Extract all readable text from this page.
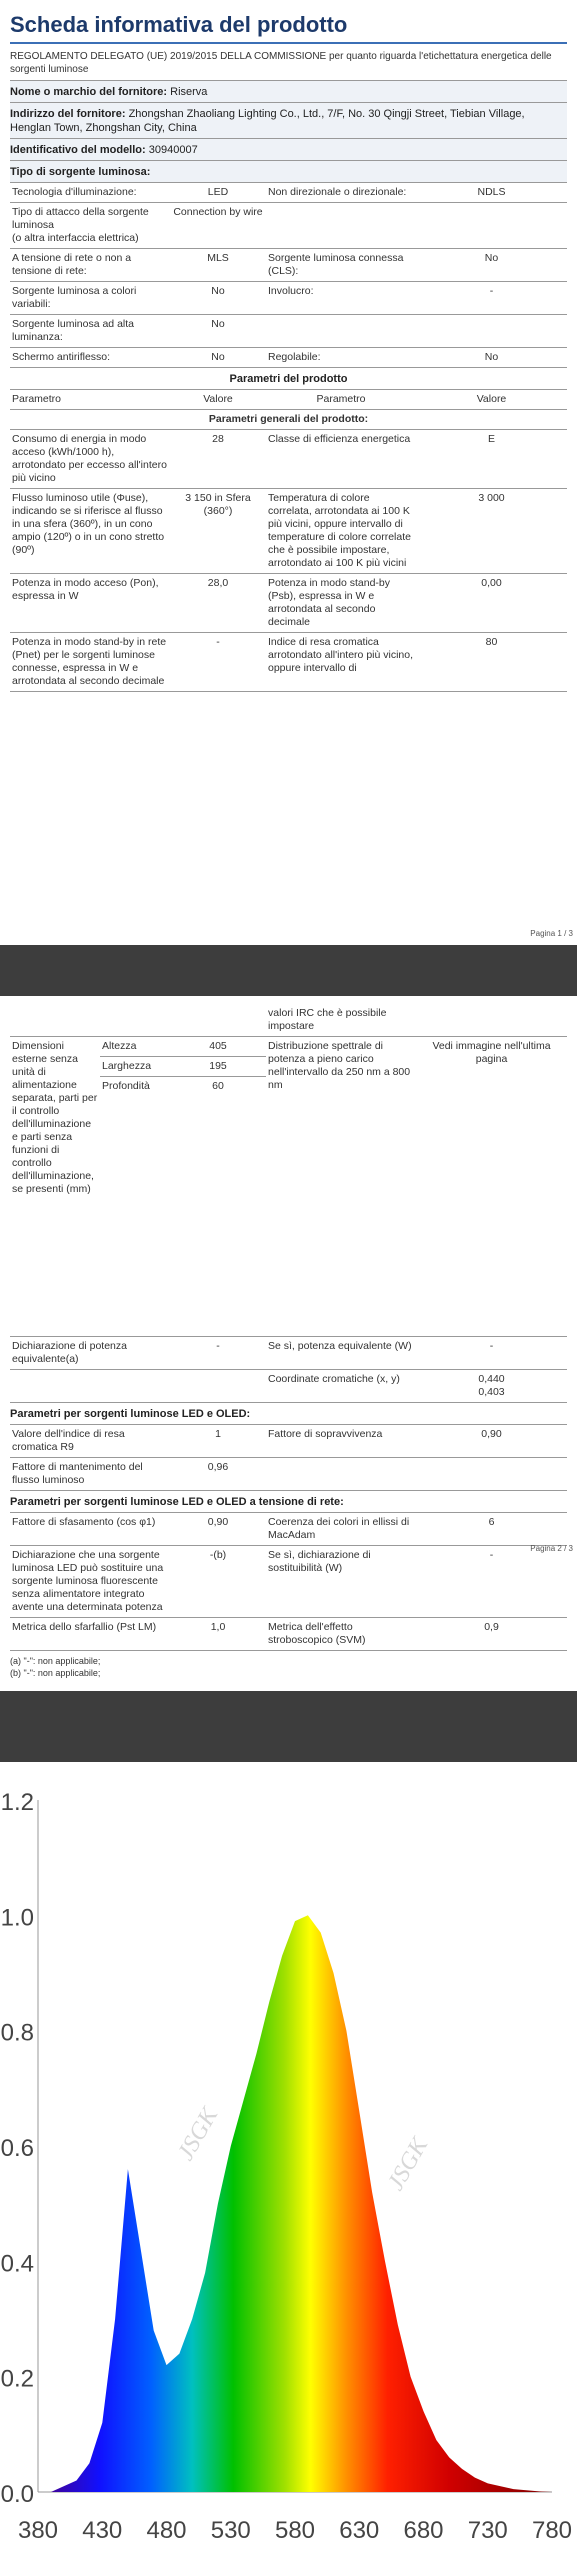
Scheda informativa del prodotto
REGOLAMENTO DELEGATO (UE) 2019/2015 DELLA COMMISSIONE per quanto riguarda l'etichettatura energetica delle sorgenti luminose
Nome o marchio del fornitore: Riserva
Indirizzo del fornitore: Zhongshan Zhaoliang Lighting Co., Ltd., 7/F, No. 30 Qingji Street, Tiebian Village, Henglan Town, Zhongshan City, China
Identificativo del modello: 30940007
Tipo di sorgente luminosa:
Tecnologia d'illuminazione:	LED	Non direzionale o direzionale:	NDLS
Tipo di attacco della sorgente luminosa
(o altra interfaccia elettrica)	Connection by wire		
A tensione di rete o non a tensione di rete:	MLS	Sorgente luminosa connessa (CLS):	No
Sorgente luminosa a colori variabili:	No	Involucro:	-
Sorgente luminosa ad alta luminanza:	No		
Schermo antiriflesso:	No	Regolabile:	No
Parametri del prodotto
Parametro	Valore	Parametro	Valore
Parametri generali del prodotto:			
Consumo di energia in modo acceso (kWh/1000 h), arrotondato per eccesso all'intero più vicino	28	Classe di efficienza energetica	E
Flusso luminoso utile (Φuse), indicando se si riferisce al flusso in una sfera (360º), in un cono ampio (120º) o in un cono stretto (90º)	3 150 in Sfera (360°)	Temperatura di colore correlata, arrotondata ai 100 K più vicini, oppure intervallo di temperature di colore correlate che è possibile impostare, arrotondato ai 100 K più vicini	3 000
Potenza in modo acceso (Pon), espressa in W	28,0	Potenza in modo stand-by (Psb), espressa in W e arrotondata al secondo decimale	0,00
Potenza in modo stand-by in rete (Pnet) per le sorgenti luminose connesse, espressa in W e arrotondata al secondo decimale	-	Indice di resa cromatica arrotondato all'intero più vicino, oppure intervallo di	80
Pagina 1 / 3
			valori IRC che è possibile impostare	
Dimensioni esterne senza unità di alimentazione separata, parti per il controllo dell'illuminazione e parti senza funzioni di controllo dell'illuminazione, se presenti (mm)	Altezza	405	Distribuzione spettrale di potenza a pieno carico nell'intervallo da 250 nm a 800 nm	Vedi immagine nell'ultima pagina
	Larghezza	195		
	Profondità	60		
Dichiarazione di potenza equivalente(a)	-	Se sì, potenza equivalente (W)	-
		Coordinate cromatiche (x, y)	0,440
0,403
Parametri per sorgenti luminose LED e OLED:
Valore dell'indice di resa cromatica R9	1	Fattore di sopravvivenza	0,90
Fattore di mantenimento del flusso luminoso	0,96		
Parametri per sorgenti luminose LED e OLED a tensione di rete:
Fattore di sfasamento (cos φ1)	0,90	Coerenza dei colori in ellissi di MacAdam	6
Dichiarazione che una sorgente luminosa LED può sostituire una sorgente luminosa fluorescente senza alimentatore integrato avente una determinata potenza	-(b)	Se sì, dichiarazione di sostituibilità (W)	-
Metrica dello sfarfallio (Pst LM)	1,0	Metrica dell'effetto stroboscopico (SVM)	0,9
(a) "-": non applicabile;
(b) "-": non applicabile;
Pagina 2 / 3
JSGK	JSGK
0.0
0.2
0.4
0.6
0.8
1.0
1.2
380 430 480 530 580 630 680 730 780
